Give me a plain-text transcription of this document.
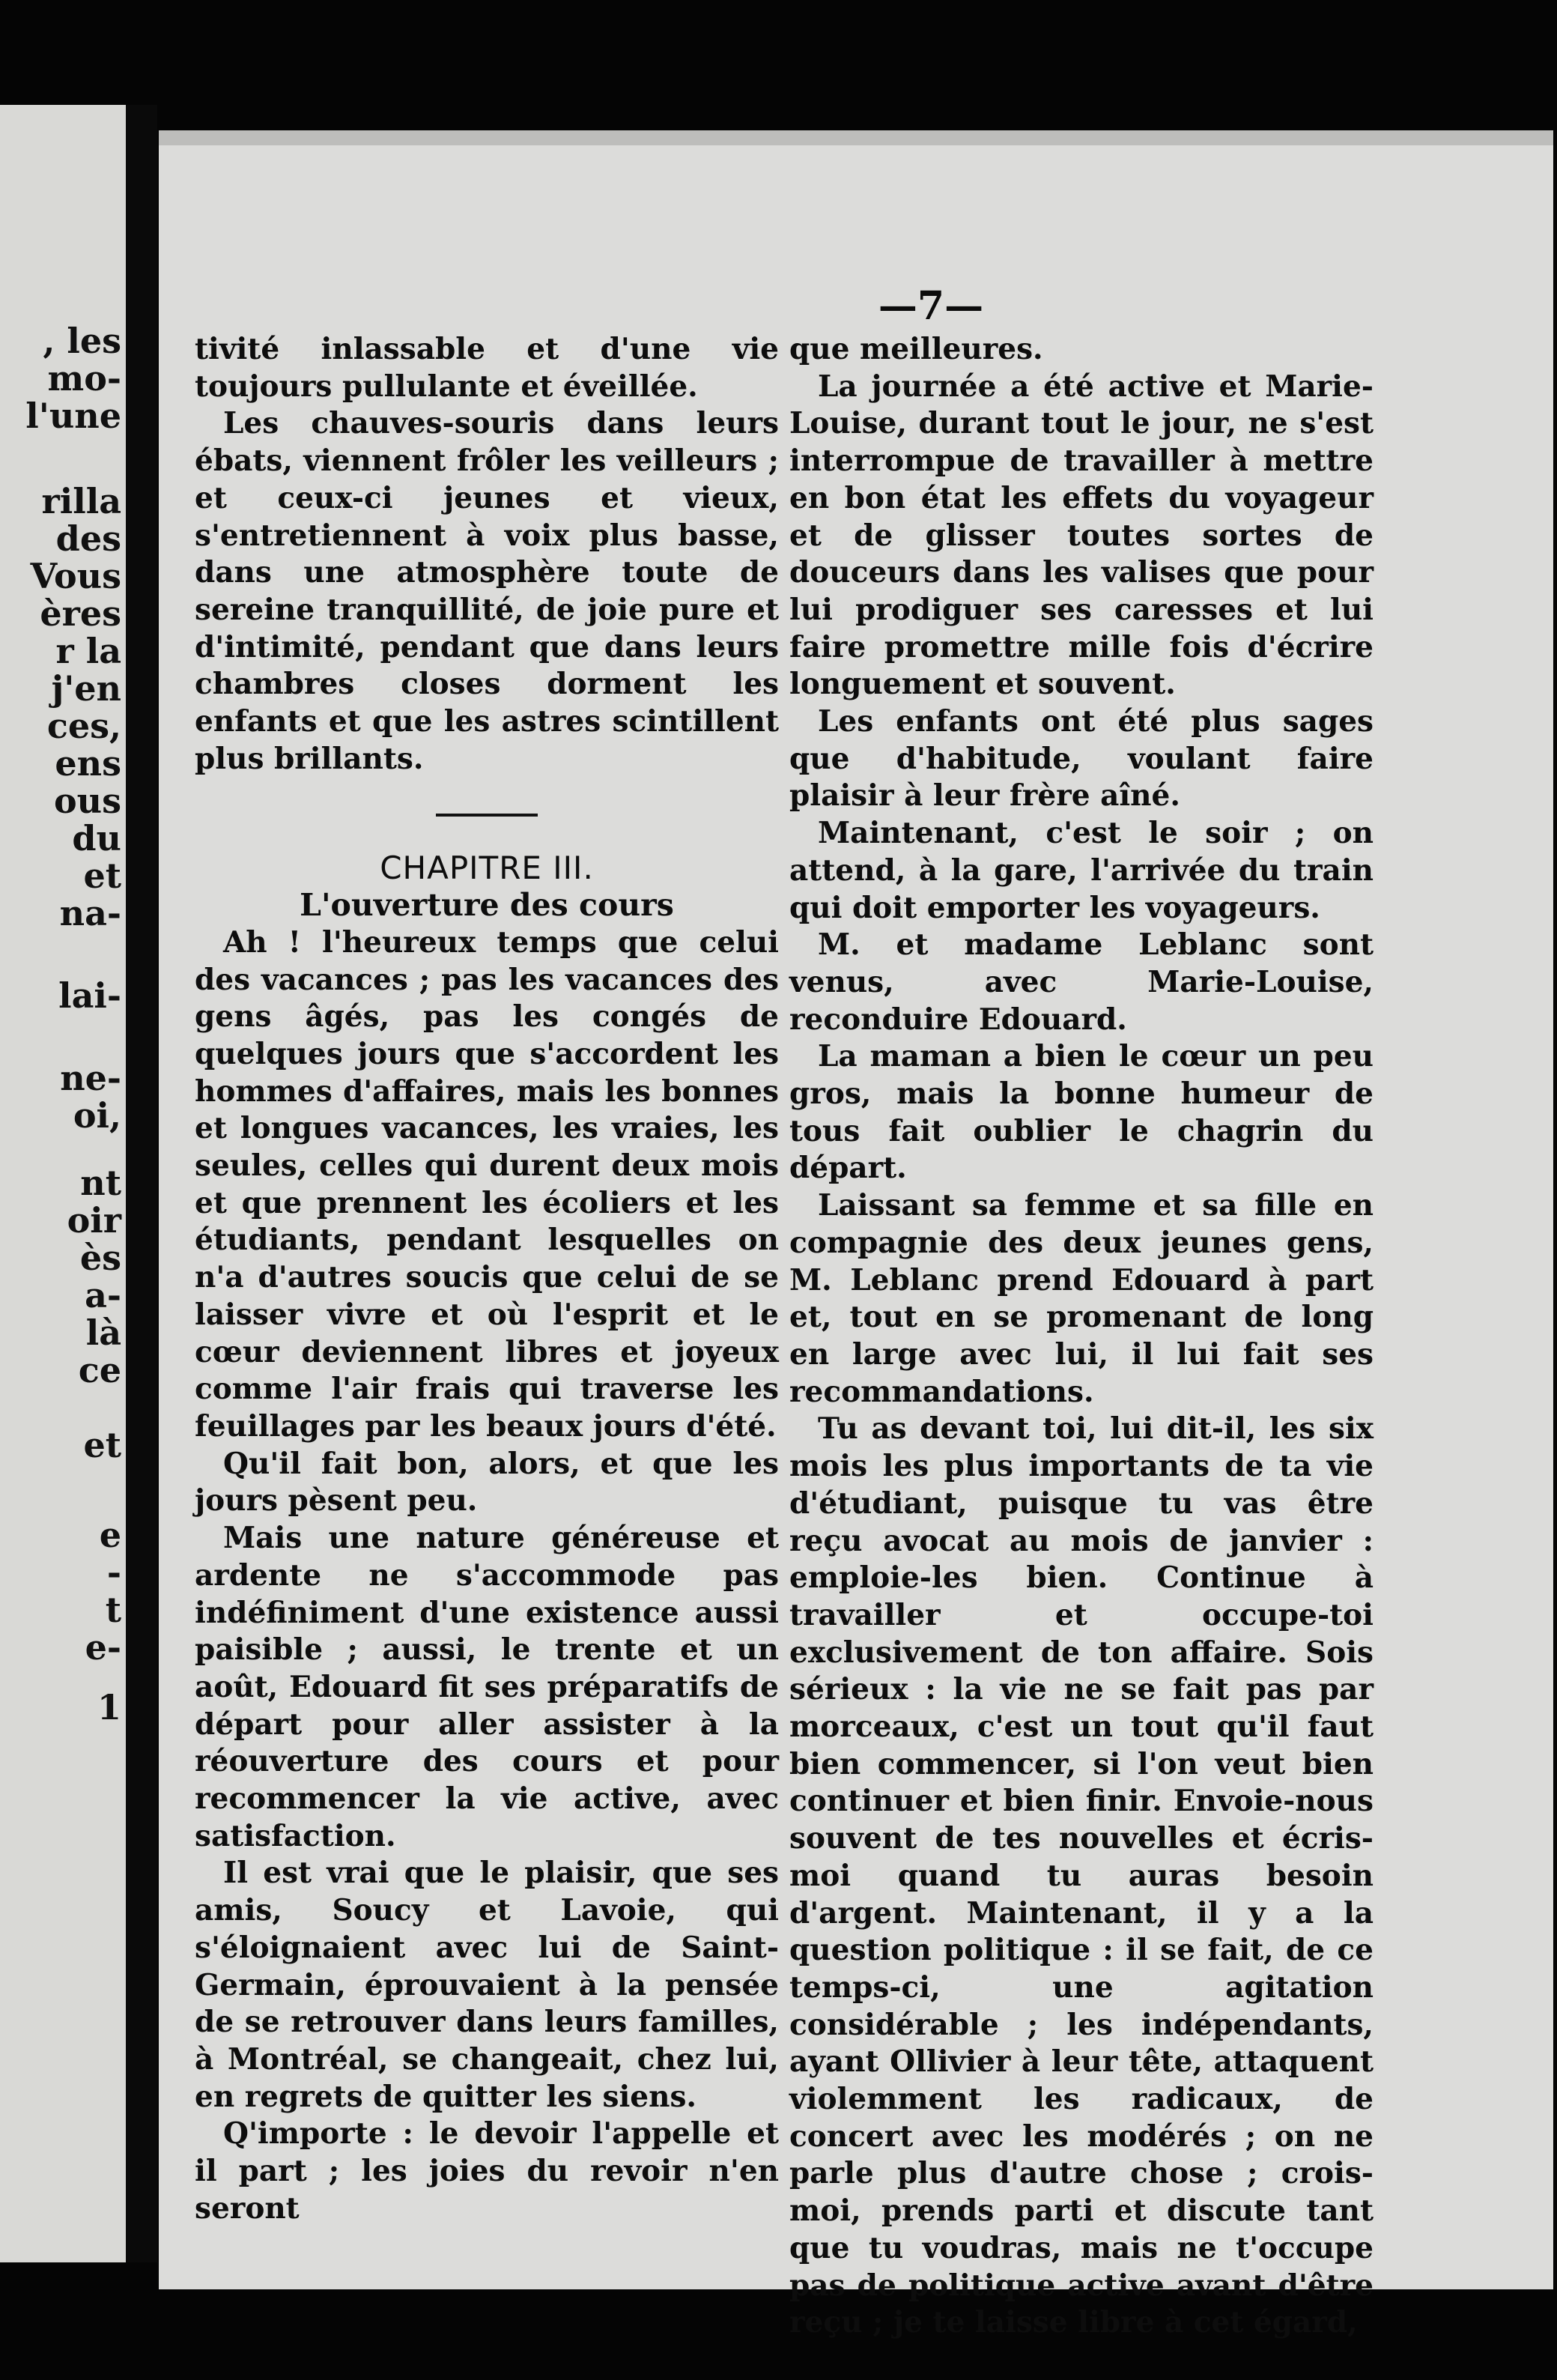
, les
mo-
l'une
rilla
des
Vous
ères
r la
j'en
ces,
ens
ous
du
et
na-
lai-
ne-
oi,
nt
oir
ès
a-
là
ce
et
e
-
t
e-
1
—7—

tivité inlassable et d'une vie toujours pullulante et éveillée.

Les chauves-souris dans leurs ébats, viennent frôler les veilleurs ; et ceux-ci jeunes et vieux, s'entretiennent à voix plus basse, dans une atmosphère toute de sereine tranquillité, de joie pure et d'intimité, pendant que dans leurs chambres closes dorment les enfants et que les astres scintillent plus brillants.

CHAPITRE III.

L'ouverture des cours

Ah ! l'heureux temps que celui des vacances ; pas les vacances des gens âgés, pas les congés de quelques jours que s'accordent les hommes d'affaires, mais les bonnes et longues vacances, les vraies, les seules, celles qui durent deux mois et que prennent les écoliers et les étudiants, pendant lesquelles on n'a d'autres soucis que celui de se laisser vivre et où l'esprit et le cœur deviennent libres et joyeux comme l'air frais qui traverse les feuillages par les beaux jours d'été.

Qu'il fait bon, alors, et que les jours pèsent peu.

Mais une nature généreuse et ardente ne s'accommode pas indéfiniment d'une existence aussi paisible ; aussi, le trente et un août, Edouard fit ses préparatifs de départ pour aller assister à la réouverture des cours et pour recommencer la vie active, avec satisfaction.

Il est vrai que le plaisir, que ses amis, Soucy et Lavoie, qui s'éloignaient avec lui de Saint-Germain, éprouvaient à la pensée de se retrouver dans leurs familles, à Montréal, se changeait, chez lui, en regrets de quitter les siens.

Q'importe : le devoir l'appelle et il part ; les joies du revoir n'en seront

que meilleures.

La journée a été active et Marie-Louise, durant tout le jour, ne s'est interrompue de travailler à mettre en bon état les effets du voyageur et de glisser toutes sortes de douceurs dans les valises que pour lui prodiguer ses caresses et lui faire promettre mille fois d'écrire longuement et souvent.

Les enfants ont été plus sages que d'habitude, voulant faire plaisir à leur frère aîné.

Maintenant, c'est le soir ; on attend, à la gare, l'arrivée du train qui doit emporter les voyageurs.

M. et madame Leblanc sont venus, avec Marie-Louise, reconduire Edouard.

La maman a bien le cœur un peu gros, mais la bonne humeur de tous fait oublier le chagrin du départ.

Laissant sa femme et sa fille en compagnie des deux jeunes gens, M. Leblanc prend Edouard à part et, tout en se promenant de long en large avec lui, il lui fait ses recommandations.

Tu as devant toi, lui dit-il, les six mois les plus importants de ta vie d'étudiant, puisque tu vas être reçu avocat au mois de janvier : emploie-les bien. Continue à travailler et occupe-toi exclusivement de ton affaire. Sois sérieux : la vie ne se fait pas par morceaux, c'est un tout qu'il faut bien commencer, si l'on veut bien continuer et bien finir. Envoie-nous souvent de tes nouvelles et écris-moi quand tu auras besoin d'argent. Maintenant, il y a la question politique : il se fait, de ce temps-ci, une agitation considérable ; les indépendants, ayant Ollivier à leur tête, attaquent violemment les radicaux, de concert avec les modérés ; on ne parle plus d'autre chose ; crois-moi, prends parti et discute tant que tu voudras, mais ne t'occupe pas de politique active avant d'être reçu ; je te laisse libre à cet égard,
